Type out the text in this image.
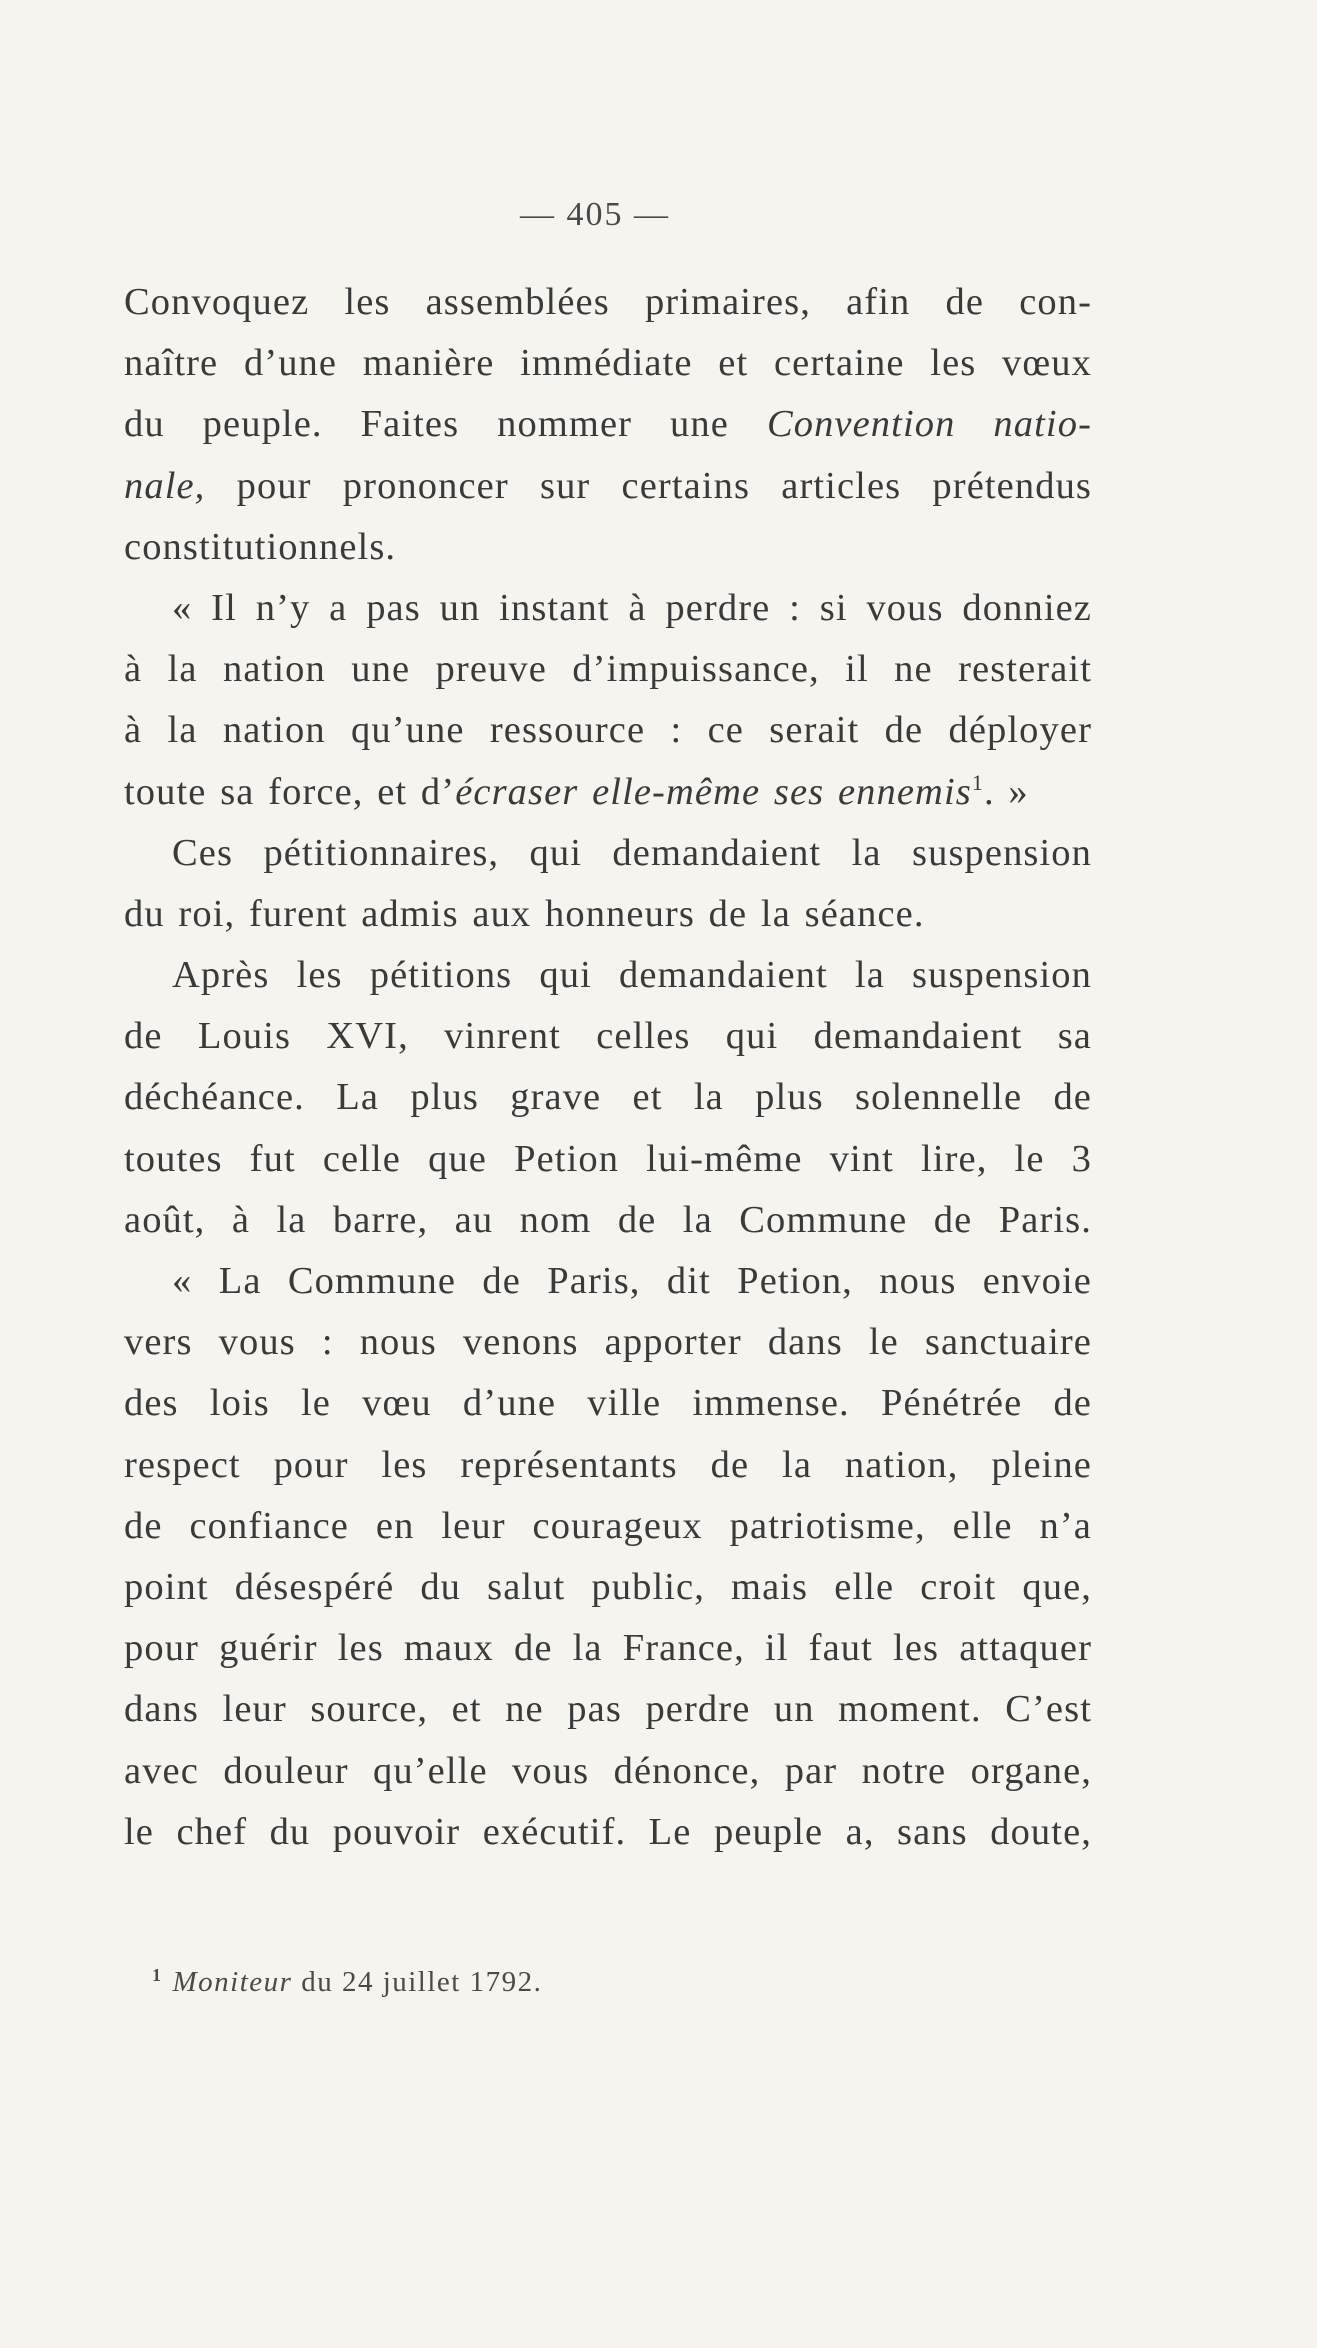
— 405 —
Convoquez les assemblées primaires, afin de con-
naître d’une manière immédiate et certaine les vœux
du peuple. Faites nommer une Convention natio-
nale, pour prononcer sur certains articles prétendus
constitutionnels.
« Il n’y a pas un instant à perdre : si vous donniez
à la nation une preuve d’impuissance, il ne resterait
à la nation qu’une ressource : ce serait de déployer
toute sa force, et d’écraser elle-même ses ennemis$^1$. »
Ces pétitionnaires, qui demandaient la suspension
du roi, furent admis aux honneurs de la séance.
Après les pétitions qui demandaient la suspension
de Louis XVI, vinrent celles qui demandaient sa
déchéance. La plus grave et la plus solennelle de
toutes fut celle que Petion lui-même vint lire, le 3
août, à la barre, au nom de la Commune de Paris.
« La Commune de Paris, dit Petion, nous envoie
vers vous : nous venons apporter dans le sanctuaire
des lois le vœu d’une ville immense. Pénétrée de
respect pour les représentants de la nation, pleine
de confiance en leur courageux patriotisme, elle n’a
point désespéré du salut public, mais elle croit que,
pour guérir les maux de la France, il faut les attaquer
dans leur source, et ne pas perdre un moment. C’est
avec douleur qu’elle vous dénonce, par notre organe,
le chef du pouvoir exécutif. Le peuple a, sans doute,
$^1$ Moniteur du 24 juillet 1792.
